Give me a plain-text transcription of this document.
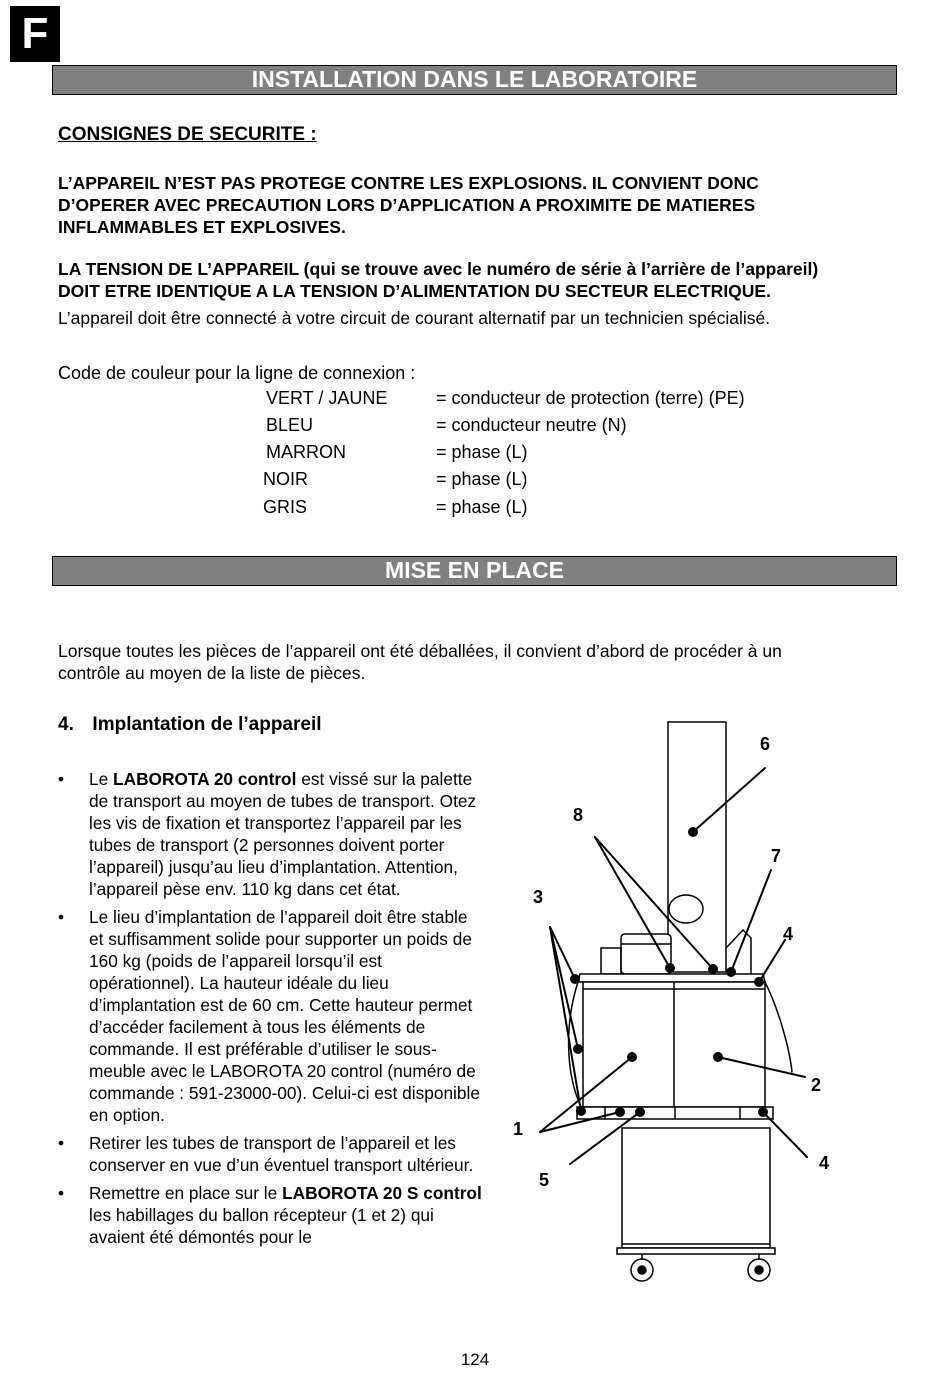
F
INSTALLATION DANS LE LABORATOIRE
CONSIGNES DE SECURITE :
L’APPAREIL N’EST PAS PROTEGE CONTRE LES EXPLOSIONS. IL CONVIENT DONC
D’OPERER AVEC PRECAUTION LORS D’APPLICATION A PROXIMITE DE MATIERES
INFLAMMABLES ET EXPLOSIVES.
LA TENSION DE L’APPAREIL (qui se trouve avec le numéro de série à l’arrière de l’appareil)
DOIT ETRE IDENTIQUE A LA TENSION D’ALIMENTATION DU SECTEUR ELECTRIQUE.
L’appareil doit être connecté à votre circuit de courant alternatif par un technicien spécialisé.
Code de couleur pour la ligne de connexion :
VERT / JAUNE	= conducteur de protection (terre) (PE)
BLEU	= conducteur neutre (N)
MARRON	= phase (L)
NOIR	= phase (L)
GRIS	= phase (L)
MISE EN PLACE
Lorsque toutes les pièces de l’appareil ont été déballées, il convient d’abord de procéder à un
contrôle au moyen de la liste de pièces.
4. Implantation de l’appareil
• Le LABOROTA 20 control est vissé sur la palette de transport au moyen de tubes de transport. Otez les vis de fixation et transportez l’appareil par les tubes de transport (2 personnes doivent porter l’appareil) jusqu’au lieu d’implantation. Attention, l’appareil pèse env. 110 kg dans cet état.
• Le lieu d’implantation de l’appareil doit être stable et suffisamment solide pour supporter un poids de 160 kg (poids de l’appareil lorsqu’il est opérationnel). La hauteur idéale du lieu d’implantation est de 60 cm. Cette hauteur permet d’accéder facilement à tous les éléments de commande. Il est préférable d’utiliser le sous-meuble avec le LABOROTA 20 control (numéro de commande : 591-23000-00). Celui-ci est disponible en option.
• Retirer les tubes de transport de l’appareil et les conserver en vue d’un éventuel transport ultérieur.
• Remettre en place sur le LABOROTA 20 S control les habillages du ballon récepteur (1 et 2) qui avaient été démontés pour le
6
8
7
3
4
2
1
4
5
124
